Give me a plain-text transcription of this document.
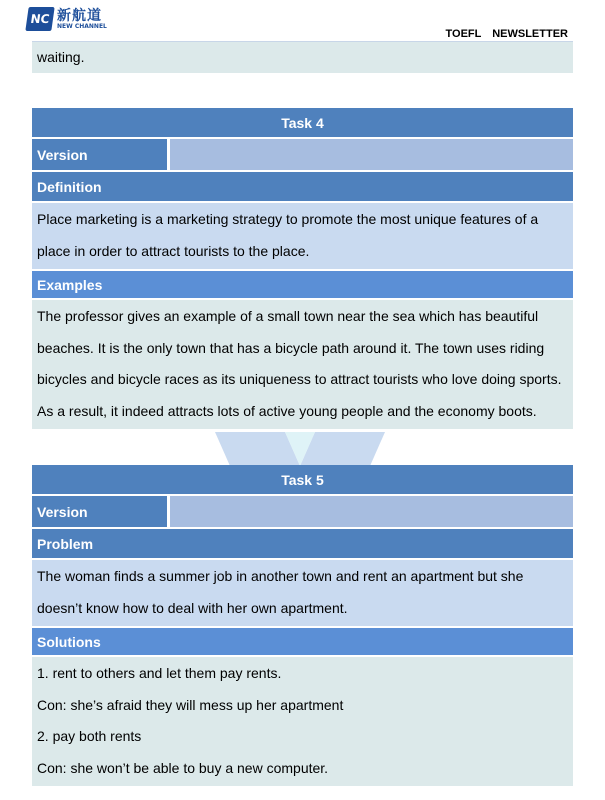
NC 新航道
NEW CHANNEL
TOEFL NEWSLETTER

waiting.

Task 4
Version
Definition

Place marketing is a marketing strategy to promote the most unique features of a

place in order to attract tourists to the place.

Examples

The professor gives an example of a small town near the sea which has beautiful

beaches. It is the only town that has a bicycle path around it. The town uses riding

bicycles and bicycle races as its uniqueness to attract tourists who love doing sports.

As a result, it indeed attracts lots of active young people and the economy boots.

Task 5
Version
Problem

The woman finds a summer job in another town and rent an apartment but she

doesn’t know how to deal with her own apartment.

Solutions

1. rent to others and let them pay rents.

Con: she’s afraid they will mess up her apartment

2. pay both rents

Con: she won’t be able to buy a new computer.
